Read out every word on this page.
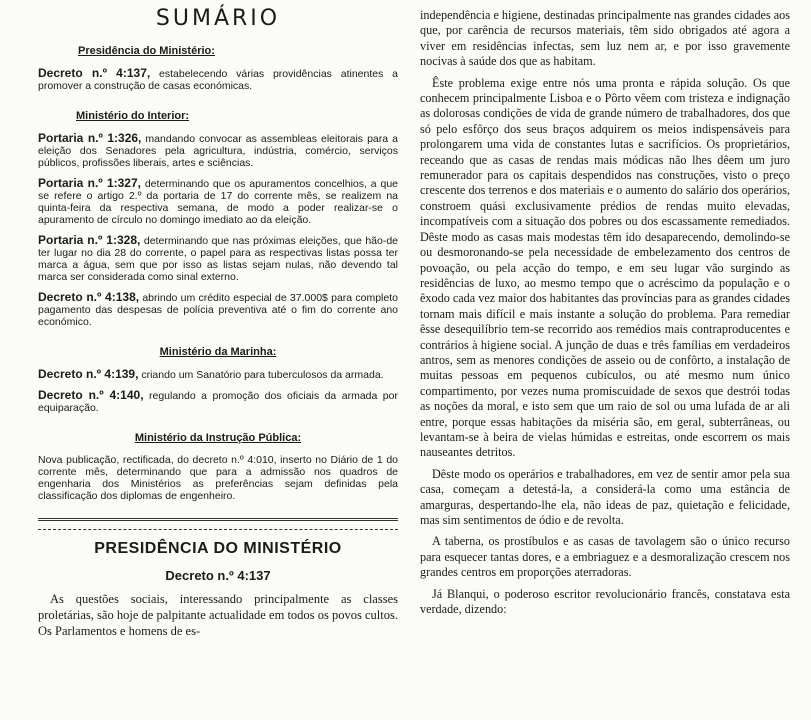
SUMÁRIO
Presidência do Ministério:

Decreto n.º 4:137, estabelecendo várias providências atinentes a promover a construção de casas económicas.

Ministério do Interior:

Portaria n.º 1:326, mandando convocar as assembleas eleitorais para a eleição dos Senadores pela agricultura, indústria, comércio, serviços públicos, profissões liberais, artes e sciências.

Portaria n.º 1:327, determinando que os apuramentos concelhios, a que se refere o artigo 2.º da portaria de 17 do corrente mês, se realizem na quinta-feira da respectiva semana, de modo a poder realizar-se o apuramento de círculo no domingo imediato ao da eleição.

Portaria n.º 1:328, determinando que nas próximas eleições, que hão-de ter lugar no dia 28 do corrente, o papel para as respectivas listas possa ter marca a água, sem que por isso as listas sejam nulas, não devendo tal marca ser considerada como sinal externo.

Decreto n.º 4:138, abrindo um crédito especial de 37.000$ para completo pagamento das despesas de polícia preventiva até o fim do corrente ano económico.

Ministério da Marinha:

Decreto n.º 4:139, criando um Sanatório para tuberculosos da armada.

Decreto n.º 4:140, regulando a promoção dos oficiais da armada por equiparação.

Ministério da Instrução Pública:

Nova publicação, rectificada, do decreto n.º 4:010, inserto no Diário de 1 do corrente mês, determinando que para a admissão nos quadros de engenharia dos Ministérios as preferências sejam definidas pela classificação dos diplomas de engenheiro.

PRESIDÊNCIA DO MINISTÉRIO
Decreto n.º 4:137

As questões sociais, interessando principalmente as classes proletárias, são hoje de palpitante actualidade em todos os povos cultos. Os Parlamentos e homens de es-

independência e higiene, destinadas principalmente nas grandes cidades aos que, por carência de recursos materiais, têm sido obrigados até agora a viver em residências infectas, sem luz nem ar, e por isso gravemente nocivas à saúde dos que as habitam.

Êste problema exige entre nós uma pronta e rápida solução. Os que conhecem principalmente Lisboa e o Pôrto vêem com tristeza e indignação as dolorosas condições de vida de grande número de trabalhadores, dos que só pelo esfôrço dos seus braços adquirem os meios indispensáveis para prolongarem uma vida de constantes lutas e sacrifícios. Os proprietários, receando que as casas de rendas mais módicas não lhes dêem um juro remunerador para os capitais despendidos nas construções, visto o preço crescente dos terrenos e dos materiais e o aumento do salário dos operários, constroem quási exclusivamente prédios de rendas muito elevadas, incompatíveis com a situação dos pobres ou dos escassamente remediados. Dêste modo as casas mais modestas têm ido desaparecendo, demolindo-se ou desmoronando-se pela necessidade de embelezamento dos centros de povoação, ou pela acção do tempo, e em seu lugar vão surgindo as residências de luxo, ao mesmo tempo que o acréscimo da população e o êxodo cada vez maior dos habitantes das províncias para as grandes cidades tornam mais difícil e mais instante a solução do problema. Para remediar êsse desequilíbrio tem-se recorrido aos remédios mais contraproducentes e contrários à higiene social. A junção de duas e três famílias em verdadeiros antros, sem as menores condições de asseio ou de confôrto, a instalação de muitas pessoas em pequenos cubículos, ou até mesmo num único compartimento, por vezes numa promiscuidade de sexos que destrói todas as noções da moral, e isto sem que um raio de sol ou uma lufada de ar ali entre, porque essas habitações da miséria são, em geral, subterrâneas, ou levantam-se à beira de vielas húmidas e estreitas, onde escorrem os mais nauseantes detritos.

Dêste modo os operários e trabalhadores, em vez de sentir amor pela sua casa, começam a detestá-la, a considerá-la como uma estância de amarguras, despertando-lhe ela, não ideas de paz, quietação e felicidade, mas sim sentimentos de ódio e de revolta.

A taberna, os prostíbulos e as casas de tavolagem são o único recurso para esquecer tantas dores, e a embriaguez e a desmoralização crescem nos grandes centros em proporções aterradoras.

Já Blanqui, o poderoso escritor revolucionário francês, constatava esta verdade, dizendo:
